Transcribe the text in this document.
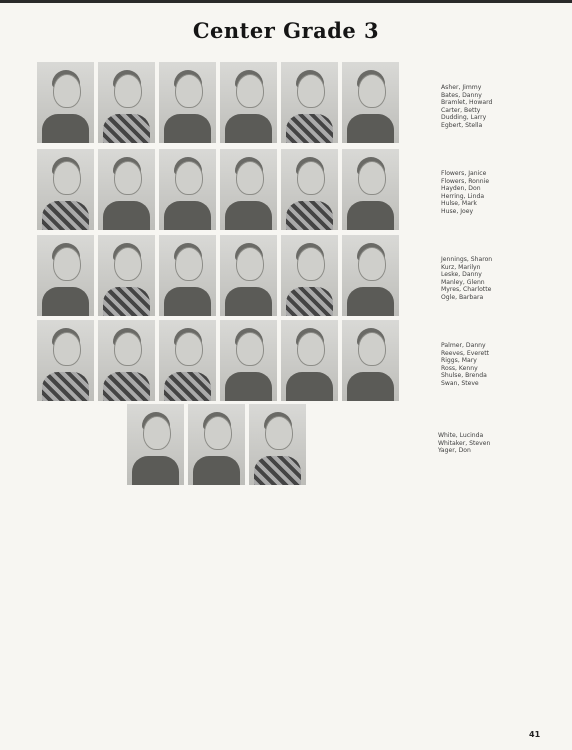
Center Grade 3
Asher, Jimmy
Bates, Danny
Bramlet, Howard
Carter, Betty
Dudding, Larry
Egbert, Stella
Flowers, Janice
Flowers, Ronnie
Hayden, Don
Herring, Linda
Hulse, Mark
Huse, Joey
Jennings, Sharon
Kurz, Marilyn
Leske, Danny
Manley, Glenn
Myres, Charlotte
Ogle, Barbara
Palmer, Danny
Reeves, Everett
Riggs, Mary
Ross, Kenny
Shulse, Brenda
Swan, Steve
White, Lucinda
Whitaker, Steven
Yager, Don
41
